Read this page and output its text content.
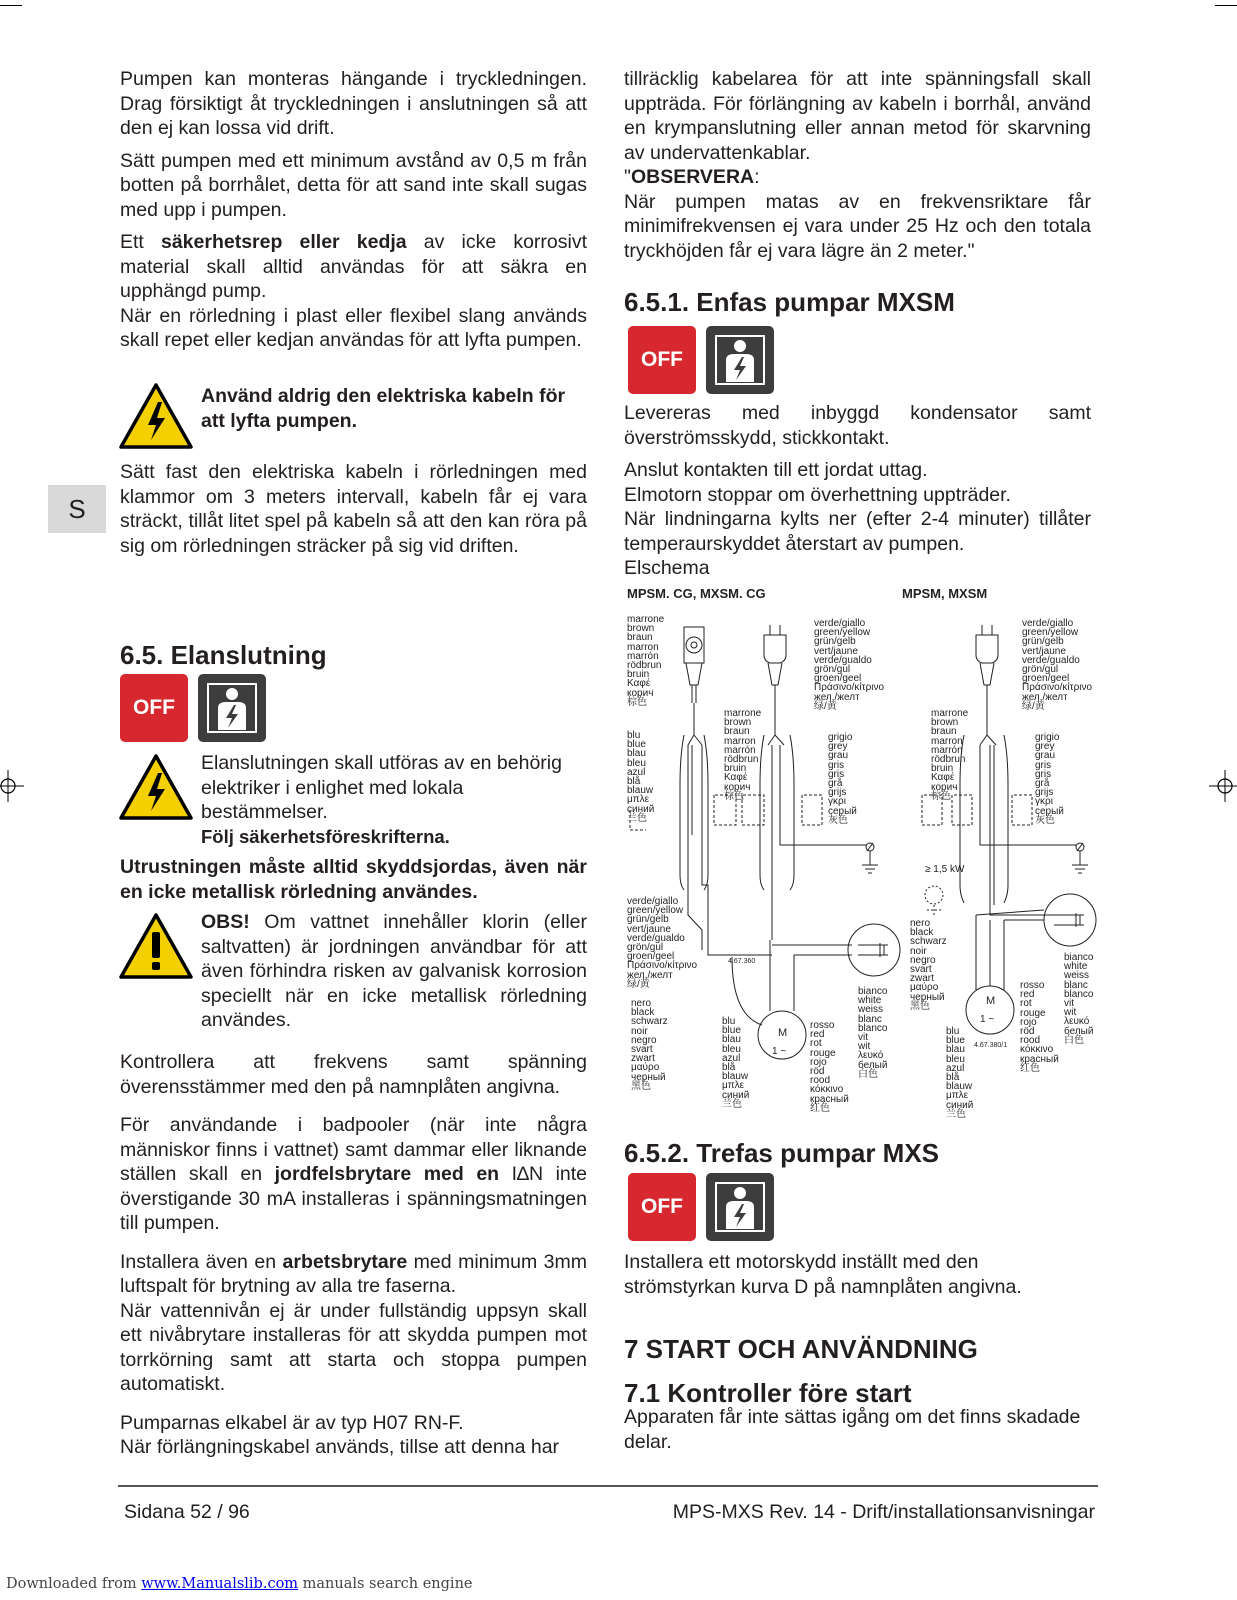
S

Pumpen kan monteras hängande i tryckledningen. Drag försiktigt åt tryckledningen i anslutningen så att den ej kan lossa vid drift.

Sätt pumpen med ett minimum avstånd av 0,5 m från botten på borrhålet, detta för att sand inte skall sugas med upp i pumpen.

Ett säkerhetsrep eller kedja av icke korrosivt material skall alltid användas för att säkra en upphängd pump.

När en rörledning i plast eller flexibel slang används skall repet eller kedjan användas för att lyfta pumpen.

Använd aldrig den elektriska kabeln för att lyfta pumpen.

Sätt fast den elektriska kabeln i rörledningen med klammor om 3 meters intervall, kabeln får ej vara sträckt, tillåt litet spel på kabeln så att den kan röra på sig om rörledningen sträcker på sig vid driften.

6.5. Elanslutning
OFF
Elanslutningen skall utföras av en behörig elektriker i enlighet med lokala bestämmelser.
Följ säkerhetsföreskrifterna.

Utrustningen måste alltid skyddsjordas, även när en icke metallisk rörledning användes.

OBS! Om vattnet innehåller klorin (eller saltvatten) är jordningen användbar för att även förhindra risken av galvanisk korrosion speciellt när en icke metallisk rörledning användes.

Kontrollera att frekvens samt spänning överensstämmer med den på namnplåten angivna.

För användande i badpooler (när inte några människor finns i vattnet) samt dammar eller liknande ställen skall en jordfelsbrytare med en I∆N inte överstigande 30 mA installeras i spänningsmatningen till pumpen.

Installera även en arbetsbrytare med minimum 3mm luftspalt för brytning av alla tre faserna.

När vattennivån ej är under fullständig uppsyn skall ett nivåbrytare installeras för att skydda pumpen mot torrkörning samt att starta och stoppa pumpen automatiskt.

Pumparnas elkabel är av typ H07 RN-F.

När förlängningskabel används, tillse att denna har

tillräcklig kabelarea för att inte spänningsfall skall uppträda. För förlängning av kabeln i borrhål, använd en krympanslutning eller annan metod för skarvning av undervattenkablar.

"OBSERVERA:

När pumpen matas av en frekvensriktare får minimifrekvensen ej vara under 25 Hz och den totala tryckhöjden får ej vara lägre än 2 meter."

6.5.1. Enfas pumpar MXSM
OFF

Levereras med inbyggd kondensator samt överströmsskydd, stickkontakt.

Anslut kontakten till ett jordat uttag.

Elmotorn stoppar om överhettning uppträder.

När lindningarna kylts ner (efter 2-4 minuter) tillåter temperaurskyddet återstart av pumpen.

Elschema

MPSM. CG, MXSM. CG	MPSM, MXSM
marrone
brown
braun
marron
marrón
rödbrun
bruin
Καφέ
корич
棕色
verde/giallo
green/yellow
grün/gelb
vert/jaune
verde/gualdo
grön/gul
groen/geel
Πράσινο/κίτρινο
жел./желт
绿/黄
marrone
brown
braun
marron
marrón
rödbrun
bruin
Καφέ
корич
棕色
blu
blue
blau
bleu
azul
blå
blauw
μπλε
синий
兰色
grigio
grey
grau
gris
gris
grå
grijs
γκρι
серый
灰色
verde/giallo
green/yellow
grün/gelb
vert/jaune
verde/gualdo
grön/gul
groen/geel
Πράσινο/κίτρινο
жел./желт
绿/黄
4.67.360
bianco
white
weiss
blanc
blanco
vit
wit
λευκό
белый
白色
nero
black
schwarz
noir
negro
svart
zwart
μαύρο
черный
黑色
blu
blue
blau
bleu
azul
blå
blauw
μπλε
синий
兰色
rosso
red
rot
rouge
rojo
röd
rood
κόκκινο
красный
红色
M
1 ~
verde/giallo
green/yellow
grün/gelb
vert/jaune
verde/gualdo
grön/gul
groen/geel
Πράσινο/κίτρινο
жел./желт
绿/黄
marrone
brown
braun
marron
marrón
rödbrun
bruin
Καφέ
корич
棕色
grigio
grey
grau
gris
gris
grå
grijs
γκρι
серый
灰色
≥ 1,5 kW
nero
black
schwarz
noir
negro
svart
zwart
μαύρο
черный
黑色
bianco
white
weiss
blanc
blanco
vit
wit
λευκό
белый
白色
rosso
red
rot
rouge
rojo
röd
rood
κόκκινο
красный
红色
blu
blue
blau
bleu
azul
blå
blauw
μπλε
синий
兰色
M
1 ~
4.67.380/1
6.5.2. Trefas pumpar MXS
OFF

Installera ett motorskydd inställt med den strömstyrkan kurva D på namnplåten angivna.

7 START OCH ANVÄNDNING
7.1 Kontroller före start

Apparaten får inte sättas igång om det finns skadade delar.

Sidana 52 / 96	MPS-MXS Rev. 14 - Drift/installationsanvisningar
Downloaded from www.Manualslib.com manuals search engine
